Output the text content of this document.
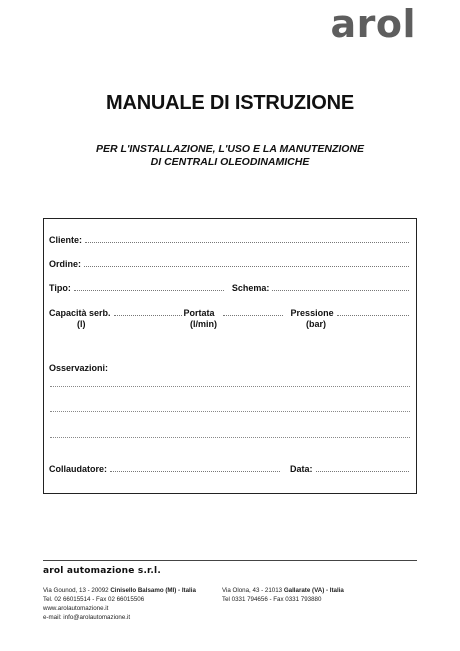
arol
MANUALE DI ISTRUZIONE
PER L'INSTALLAZIONE, L'USO E LA MANUTENZIONE
DI CENTRALI OLEODINAMICHE
Cliente:
Ordine:
Tipo:	Schema:
Capacità serb.	Portata	Pressione
(l)	(l/min)	(bar)
Osservazioni:
Collaudatore:	Data:
arol automazione s.r.l.
Via Gounod, 13 - 20092 Cinisello Balsamo (MI) - Italia
Tel. 02 66015514 - Fax 02 66015506
www.arolautomazione.it
e-mail: info@arolautomazione.it
Via Olona, 43 - 21013 Gallarate (VA) - Italia
Tel 0331 794656 - Fax 0331 793880
